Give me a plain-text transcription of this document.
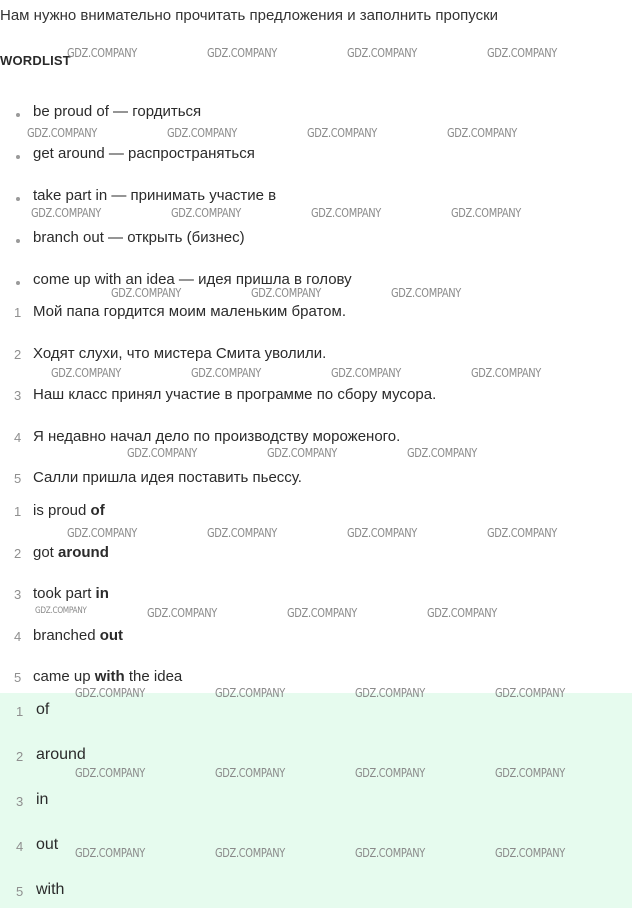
Нам нужно внимательно прочитать предложения и заполнить пропуски
WORDLIST
be proud of — гордиться
get around — распространяться
take part in — принимать участие в
branch out — открыть (бизнес)
come up with an idea — идея пришла в голову
1 Мой папа гордится моим маленьким братом.
2 Ходят слухи, что мистера Смита уволили.
3 Наш класс принял участие в программе по сбору мусора.
4 Я недавно начал дело по производству мороженого.
5 Салли пришла идея поставить пьессу.
1 is proud of
2 got around
3 took part in
4 branched out
5 came up with the idea
1 of
2 around
3 in
4 out
5 with
GDZ.COMPANY	GDZ.COMPANY	GDZ.COMPANY	GDZ.COMPANY
GDZ.COMPANY	GDZ.COMPANY	GDZ.COMPANY	GDZ.COMPANY
GDZ.COMPANY	GDZ.COMPANY	GDZ.COMPANY	GDZ.COMPANY
GDZ.COMPANY	GDZ.COMPANY	GDZ.COMPANY
GDZ.COMPANY	GDZ.COMPANY	GDZ.COMPANY	GDZ.COMPANY
GDZ.COMPANY	GDZ.COMPANY	GDZ.COMPANY
GDZ.COMPANY	GDZ.COMPANY	GDZ.COMPANY	GDZ.COMPANY
GDZ.COMPANY	GDZ.COMPANY	GDZ.COMPANY	GDZ.COMPANY
GDZ.COMPANY	GDZ.COMPANY	GDZ.COMPANY	GDZ.COMPANY
GDZ.COMPANY	GDZ.COMPANY	GDZ.COMPANY	GDZ.COMPANY
GDZ.COMPANY	GDZ.COMPANY	GDZ.COMPANY	GDZ.COMPANY
